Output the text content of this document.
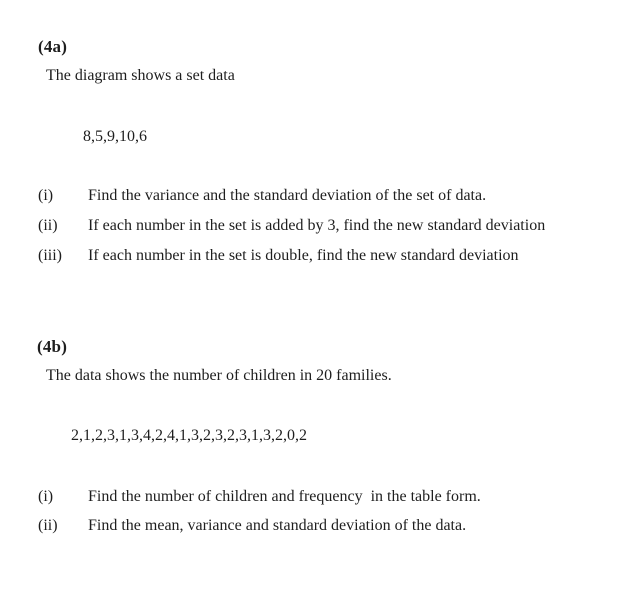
(4a)
The diagram shows a set data
8,5,9,10,6
(i) Find the variance and the standard deviation of the set of data.
(ii) If each number in the set is added by 3, find the new standard deviation
(iii) If each number in the set is double, find the new standard deviation
(4b)
The data shows the number of children in 20 families.
2,1,2,3,1,3,4,2,4,1,3,2,3,2,3,1,3,2,0,2
(i) Find the number of children and frequency  in the table form.
(ii) Find the mean, variance and standard deviation of the data.
